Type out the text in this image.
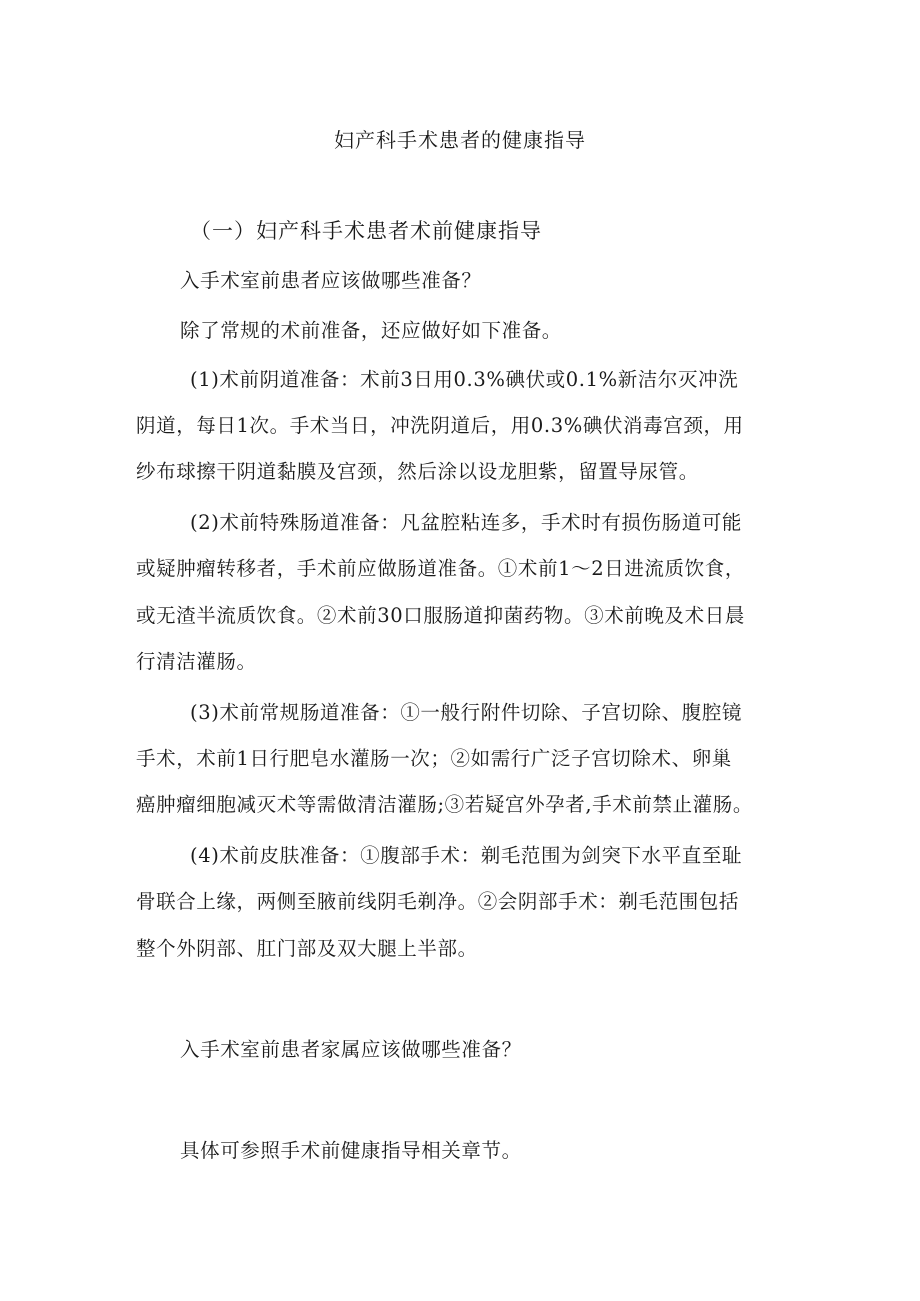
妇产科手术患者的健康指导
（一）妇产科手术患者术前健康指导
入手术室前患者应该做哪些准备？
除了常规的术前准备，还应做好如下准备。
(1)术前阴道准备：术前3日用0.3%碘伏或0.1%新洁尔灭冲洗
阴道，每日1次。手术当日，冲洗阴道后，用0.3%碘伏消毒宫颈，用
纱布球擦干阴道黏膜及宫颈，然后涂以设龙胆紫，留置导尿管。
(2)术前特殊肠道准备：凡盆腔粘连多，手术时有损伤肠道可能
或疑肿瘤转移者，手术前应做肠道准备。①术前1～2日进流质饮食，
或无渣半流质饮食。②术前30口服肠道抑菌药物。③术前晚及术日晨
行清洁灌肠。
(3)术前常规肠道准备：①一般行附件切除、子宫切除、腹腔镜
手术，术前1日行肥皂水灌肠一次；②如需行广泛子宫切除术、卵巢
癌肿瘤细胞减灭术等需做清洁灌肠;③若疑宫外孕者,手术前禁止灌肠。
(4)术前皮肤准备：①腹部手术：剃毛范围为剑突下水平直至耻
骨联合上缘，两侧至腋前线阴毛剃净。②会阴部手术：剃毛范围包括
整个外阴部、肛门部及双大腿上半部。
入手术室前患者家属应该做哪些准备？
具体可参照手术前健康指导相关章节。
